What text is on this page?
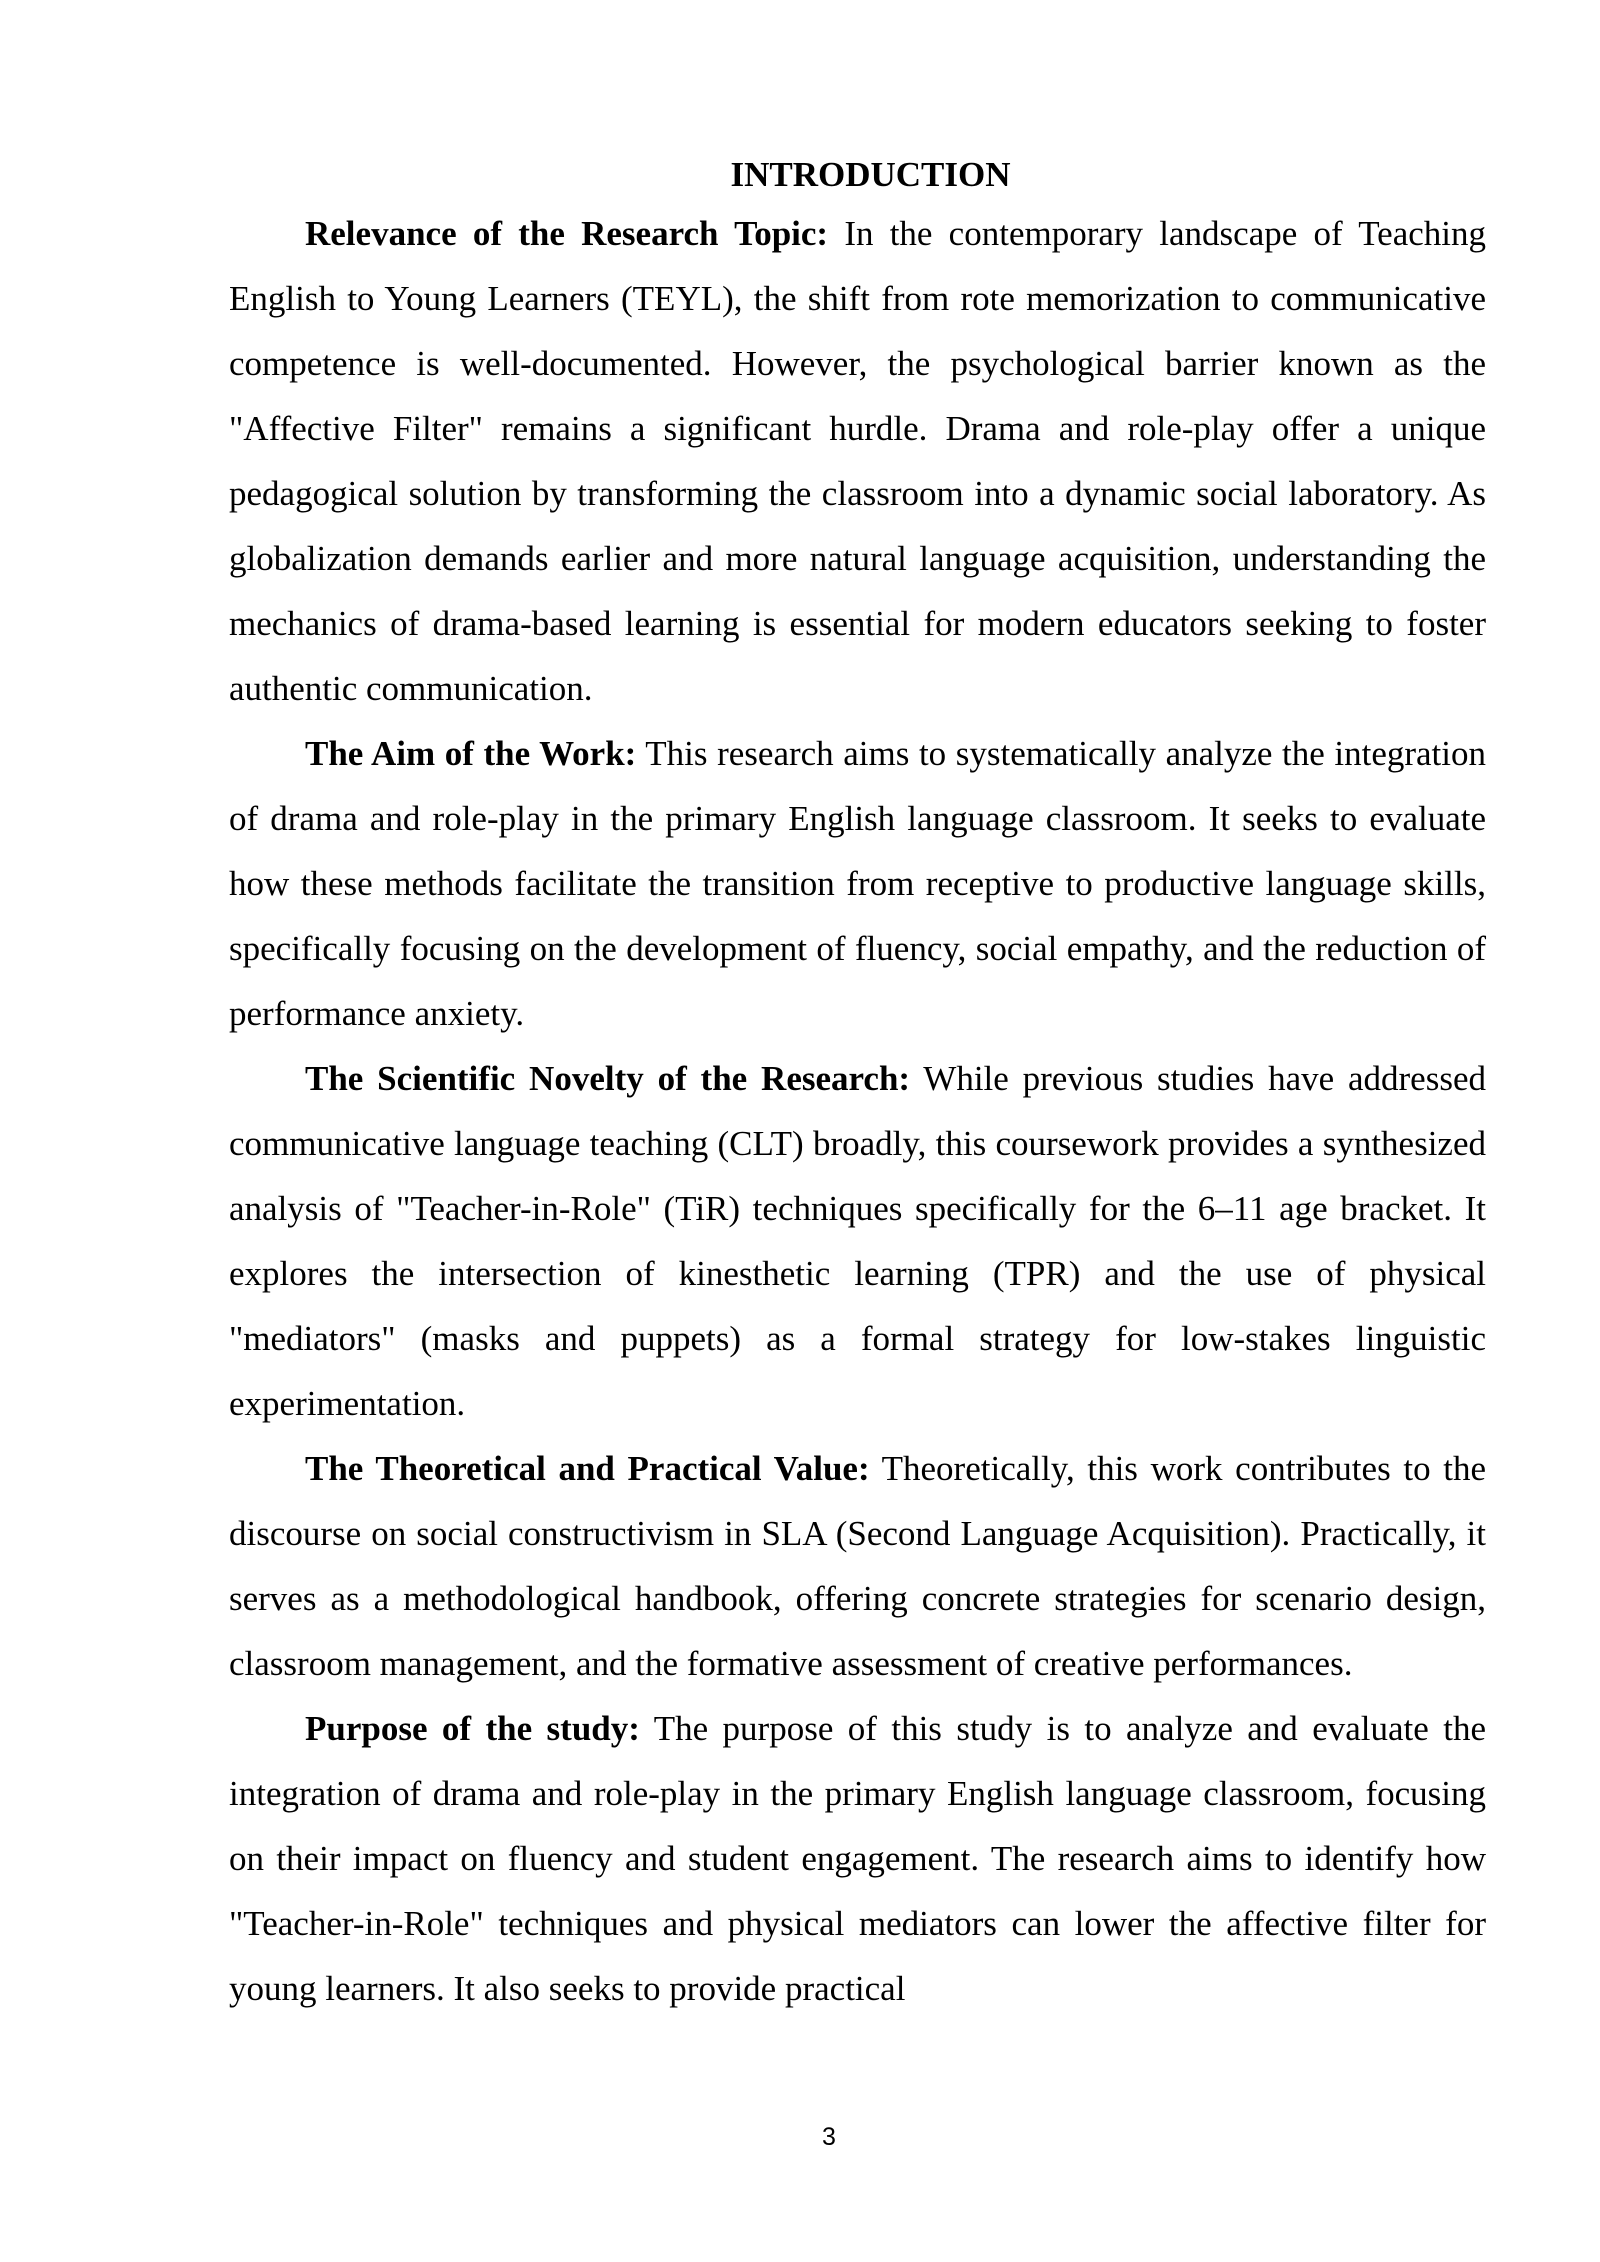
INTRODUCTION

Relevance of the Research Topic: In the contemporary landscape of Teaching English to Young Learners (TEYL), the shift from rote memorization to communicative competence is well-documented. However, the psychological barrier known as the "Affective Filter" remains a significant hurdle. Drama and role-play offer a unique pedagogical solution by transforming the classroom into a dynamic social laboratory. As globalization demands earlier and more natural language acquisition, understanding the mechanics of drama-based learning is essential for modern educators seeking to foster authentic communication.

The Aim of the Work: This research aims to systematically analyze the integration of drama and role-play in the primary English language classroom. It seeks to evaluate how these methods facilitate the transition from receptive to productive language skills, specifically focusing on the development of fluency, social empathy, and the reduction of performance anxiety.

The Scientific Novelty of the Research: While previous studies have addressed communicative language teaching (CLT) broadly, this coursework provides a synthesized analysis of "Teacher-in-Role" (TiR) techniques specifically for the 6–11 age bracket. It explores the intersection of kinesthetic learning (TPR) and the use of physical "mediators" (masks and puppets) as a formal strategy for low-stakes linguistic experimentation.

The Theoretical and Practical Value: Theoretically, this work contributes to the discourse on social constructivism in SLA (Second Language Acquisition). Practically, it serves as a methodological handbook, offering concrete strategies for scenario design, classroom management, and the formative assessment of creative performances.

Purpose of the study: The purpose of this study is to analyze and evaluate the integration of drama and role-play in the primary English language classroom, focusing on their impact on fluency and student engagement. The research aims to identify how "Teacher-in-Role" techniques and physical mediators can lower the affective filter for young learners. It also seeks to provide practical

3
